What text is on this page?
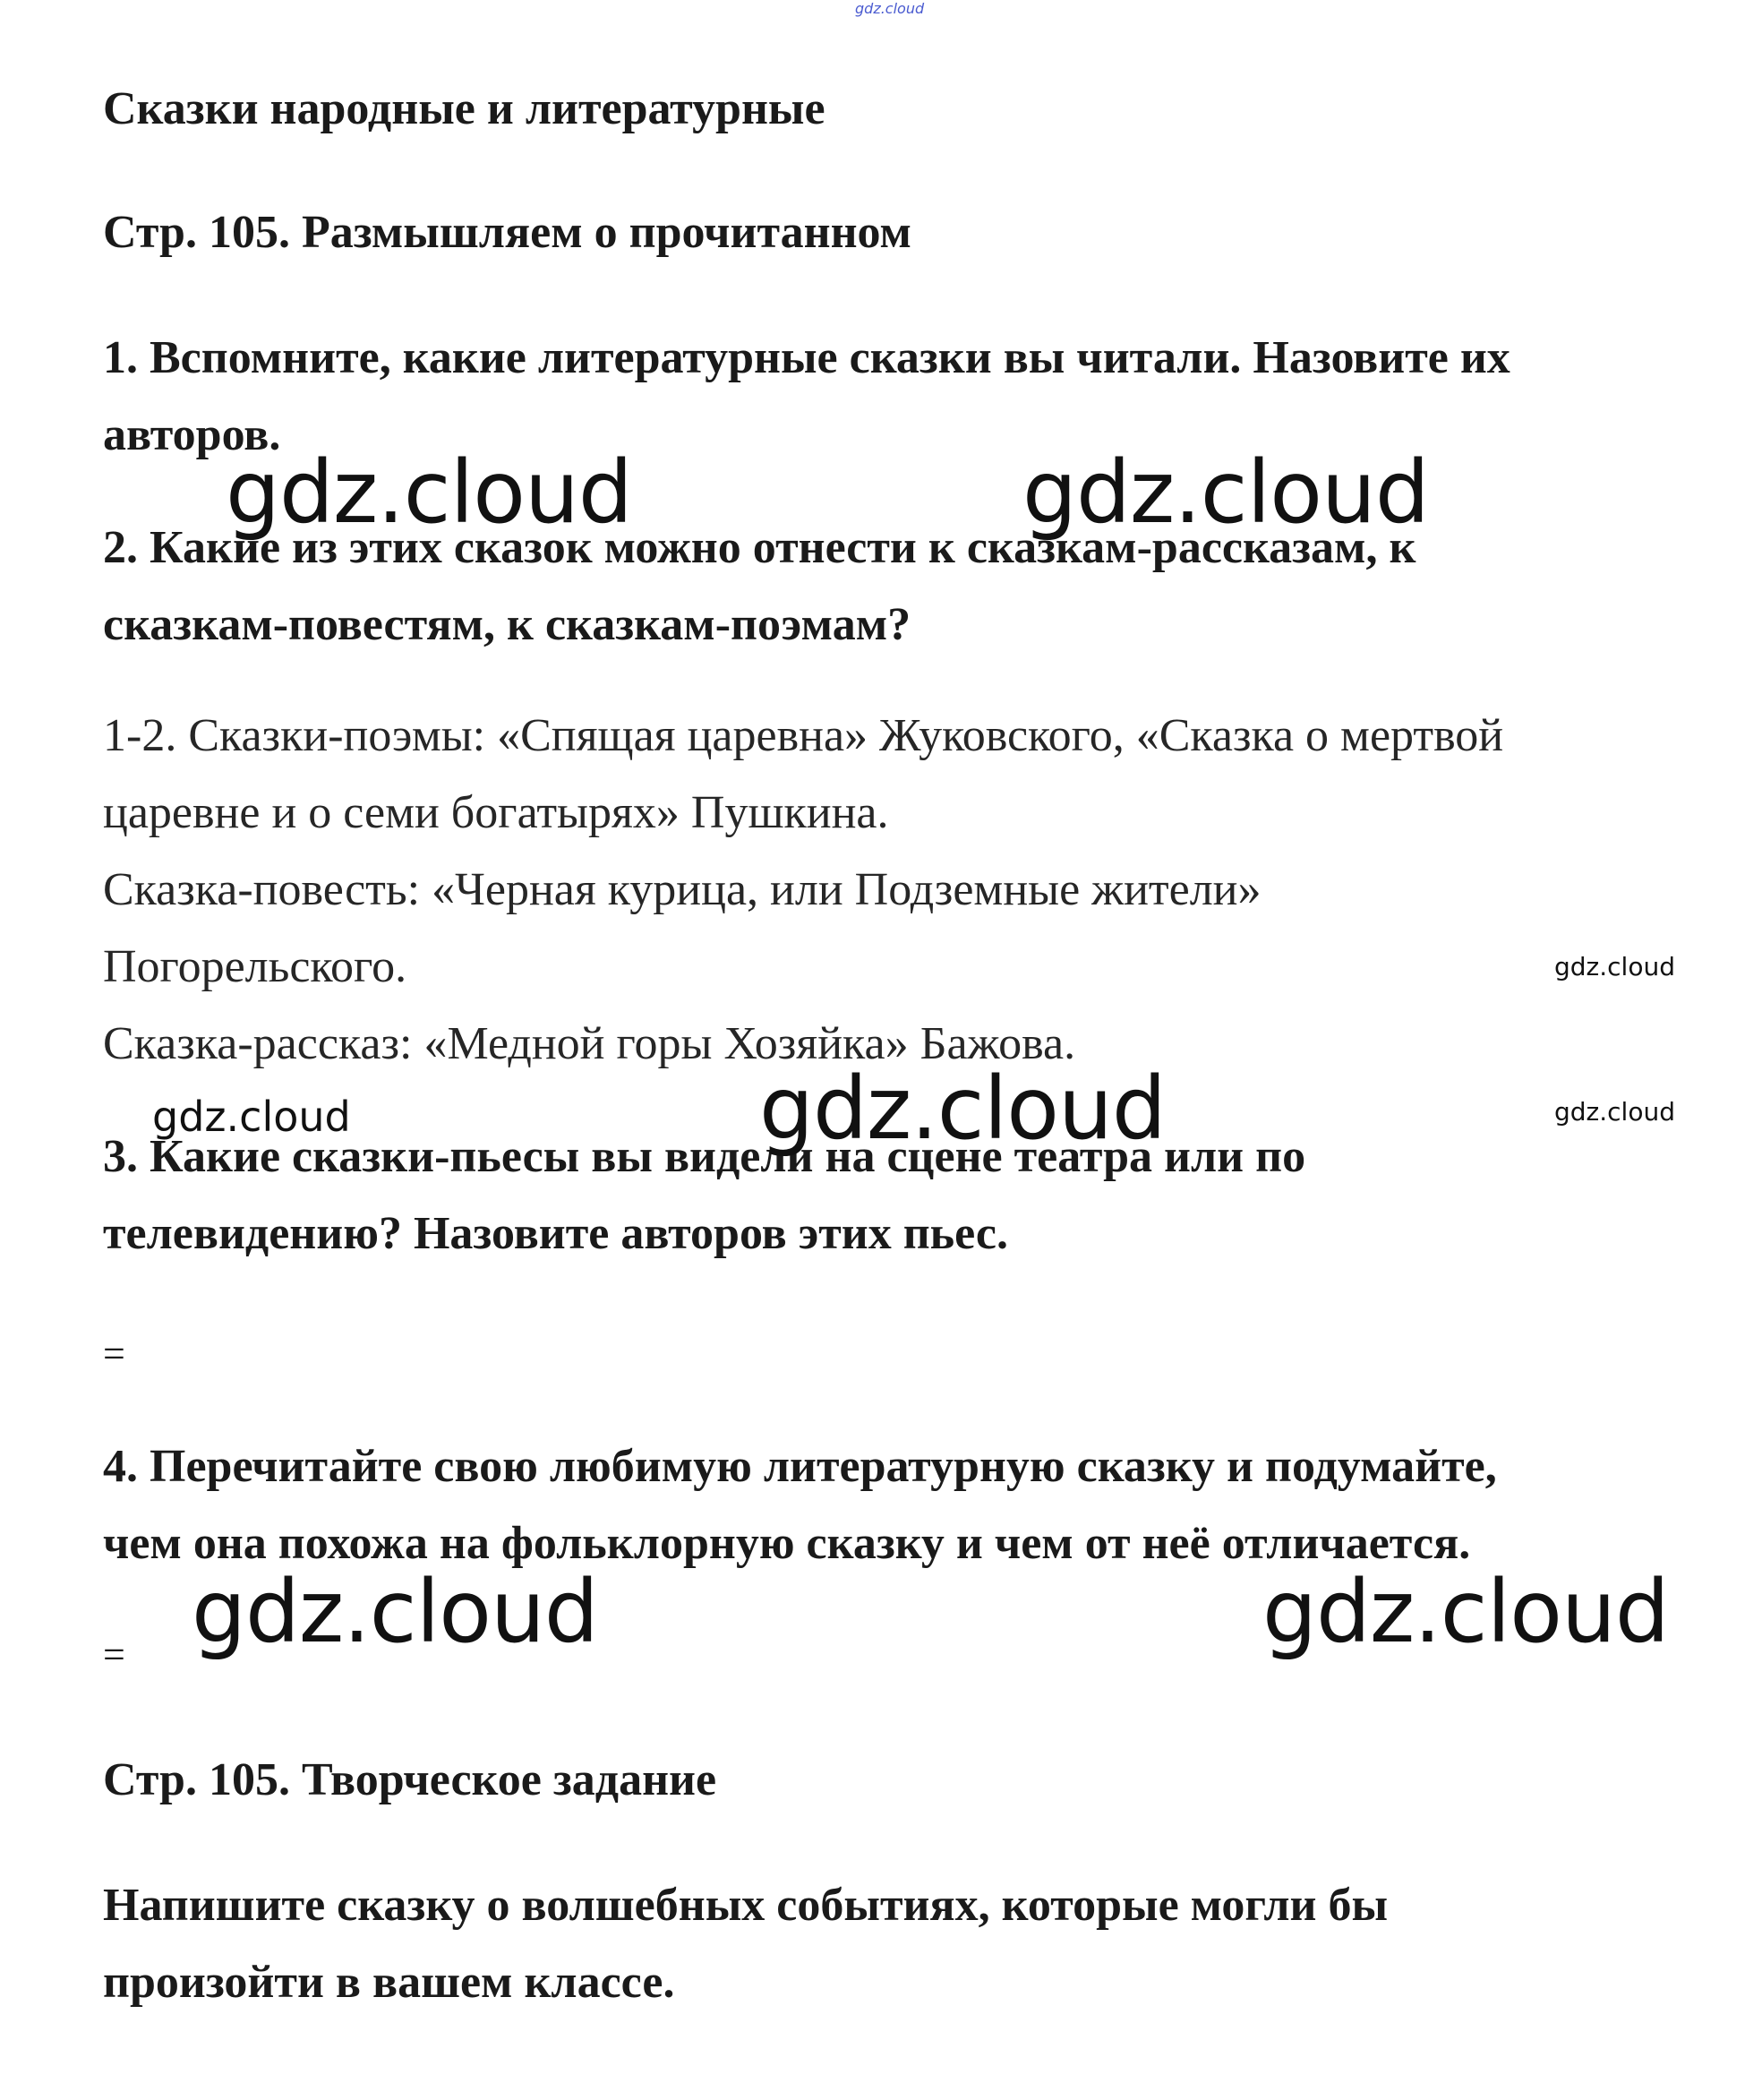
gdz.cloud

Сказки народные и литературные

Стр. 105. Размышляем о прочитанном

1. Вспомните, какие литературные сказки вы читали. Назовите их

авторов.

2. Какие из этих сказок можно отнести к сказкам-рассказам, к

сказкам-повестям, к сказкам-поэмам?

1-2. Сказки-поэмы: «Спящая царевна» Жуковского, «Сказка о мертвой

царевне и о семи богатырях» Пушкина.

Сказка-повесть: «Черная курица, или Подземные жители»

Погорельского.

Сказка-рассказ: «Медной горы Хозяйка» Бажова.

3. Какие сказки-пьесы вы видели на сцене театра или по

телевидению? Назовите авторов этих пьес.

=

4. Перечитайте свою любимую литературную сказку и подумайте,

чем она похожа на фольклорную сказку и чем от неё отличается.

=

Стр. 105. Творческое задание

Напишите сказку о волшебных событиях, которые могли бы

произойти в вашем классе.

gdz.cloud	gdz.cloud
gdz.cloud
gdz.cloud	gdz.cloud	gdz.cloud
gdz.cloud	gdz.cloud
